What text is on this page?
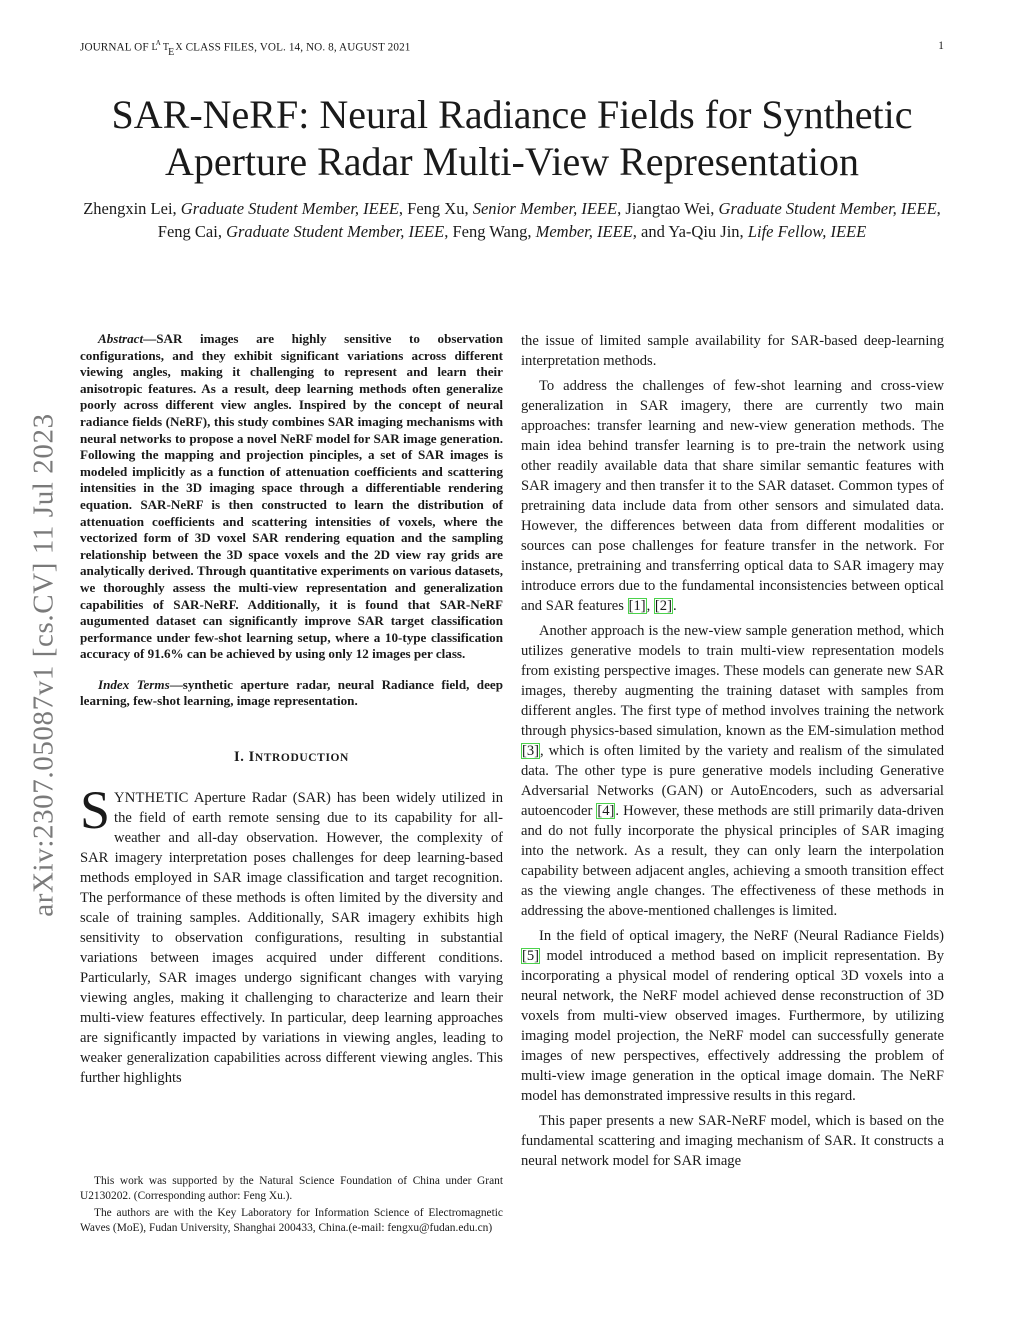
JOURNAL OF $L^A$ $T_EX$ CLASS FILES, VOL. 14, NO. 8, AUGUST 2021	1
SAR-NeRF: Neural Radiance Fields for Synthetic
Aperture Radar Multi-View Representation
Zhengxin Lei, Graduate Student Member, IEEE, Feng Xu, Senior Member, IEEE, Jiangtao Wei, Graduate Student Member, IEEE, Feng Cai, Graduate Student Member, IEEE, Feng Wang, Member, IEEE, and Ya-Qiu Jin, Life Fellow, IEEE
arXiv:2307.05087v1 [cs.CV] 11 Jul 2023

Abstract—SAR images are highly sensitive to observation configurations, and they exhibit significant variations across different viewing angles, making it challenging to represent and learn their anisotropic features. As a result, deep learning methods often generalize poorly across different view angles. Inspired by the concept of neural radiance fields (NeRF), this study combines SAR imaging mechanisms with neural networks to propose a novel NeRF model for SAR image generation. Following the mapping and projection pinciples, a set of SAR images is modeled implicitly as a function of attenuation coefficients and scattering intensities in the 3D imaging space through a differentiable rendering equation. SAR-NeRF is then constructed to learn the distribution of attenuation coefficients and scattering intensities of voxels, where the vectorized form of 3D voxel SAR rendering equation and the sampling relationship between the 3D space voxels and the 2D view ray grids are analytically derived. Through quantitative experiments on various datasets, we thoroughly assess the multi-view representation and generalization capabilities of SAR-NeRF. Additionally, it is found that SAR-NeRF augumented dataset can significantly improve SAR target classification performance under few-shot learning setup, where a 10-type classification accuracy of 91.6% can be achieved by using only 12 images per class.

Index Terms—synthetic aperture radar, neural Radiance field, deep learning, few-shot learning, image representation.

I. INTRODUCTION

SYNTHETIC Aperture Radar (SAR) has been widely utilized in the field of earth remote sensing due to its capability for all-weather and all-day observation. However, the complexity of SAR imagery interpretation poses challenges for deep learning-based methods employed in SAR image classification and target recognition. The performance of these methods is often limited by the diversity and scale of training samples. Additionally, SAR imagery exhibits high sensitivity to observation configurations, resulting in substantial variations between images acquired under different conditions. Particularly, SAR images undergo significant changes with varying viewing angles, making it challenging to characterize and learn their multi-view features effectively. In particular, deep learning approaches are significantly impacted by variations in viewing angles, leading to weaker generalization capabilities across different viewing angles. This further highlights

the issue of limited sample availability for SAR-based deep-learning interpretation methods.

To address the challenges of few-shot learning and cross-view generalization in SAR imagery, there are currently two main approaches: transfer learning and new-view generation methods. The main idea behind transfer learning is to pre-train the network using other readily available data that share similar semantic features with SAR imagery and then transfer it to the SAR dataset. Common types of pretraining data include data from other sensors and simulated data. However, the differences between data from different modalities or sources can pose challenges for feature transfer in the network. For instance, pretraining and transferring optical data to SAR imagery may introduce errors due to the fundamental inconsistencies between optical and SAR features [1], [2].

Another approach is the new-view sample generation method, which utilizes generative models to train multi-view representation models from existing perspective images. These models can generate new SAR images, thereby augmenting the training dataset with samples from different angles. The first type of method involves training the network through physics-based simulation, known as the EM-simulation method [3], which is often limited by the variety and realism of the simulated data. The other type is pure generative models including Generative Adversarial Networks (GAN) or AutoEncoders, such as adversarial autoencoder [4]. However, these methods are still primarily data-driven and do not fully incorporate the physical principles of SAR imaging into the network. As a result, they can only learn the interpolation capability between adjacent angles, achieving a smooth transition effect as the viewing angle changes. The effectiveness of these methods in addressing the above-mentioned challenges is limited.

In the field of optical imagery, the NeRF (Neural Radiance Fields) [5] model introduced a method based on implicit representation. By incorporating a physical model of rendering optical 3D voxels into a neural network, the NeRF model achieved dense reconstruction of 3D voxels from multi-view observed images. Furthermore, by utilizing imaging model projection, the NeRF model can successfully generate images of new perspectives, effectively addressing the problem of multi-view image generation in the optical image domain. The NeRF model has demonstrated impressive results in this regard.

This paper presents a new SAR-NeRF model, which is based on the fundamental scattering and imaging mechanism of SAR. It constructs a neural network model for SAR image

This work was supported by the Natural Science Foundation of China under Grant U2130202. (Corresponding author: Feng Xu.).

The authors are with the Key Laboratory for Information Science of Electromagnetic Waves (MoE), Fudan University, Shanghai 200433, China.(e-mail: fengxu@fudan.edu.cn)
